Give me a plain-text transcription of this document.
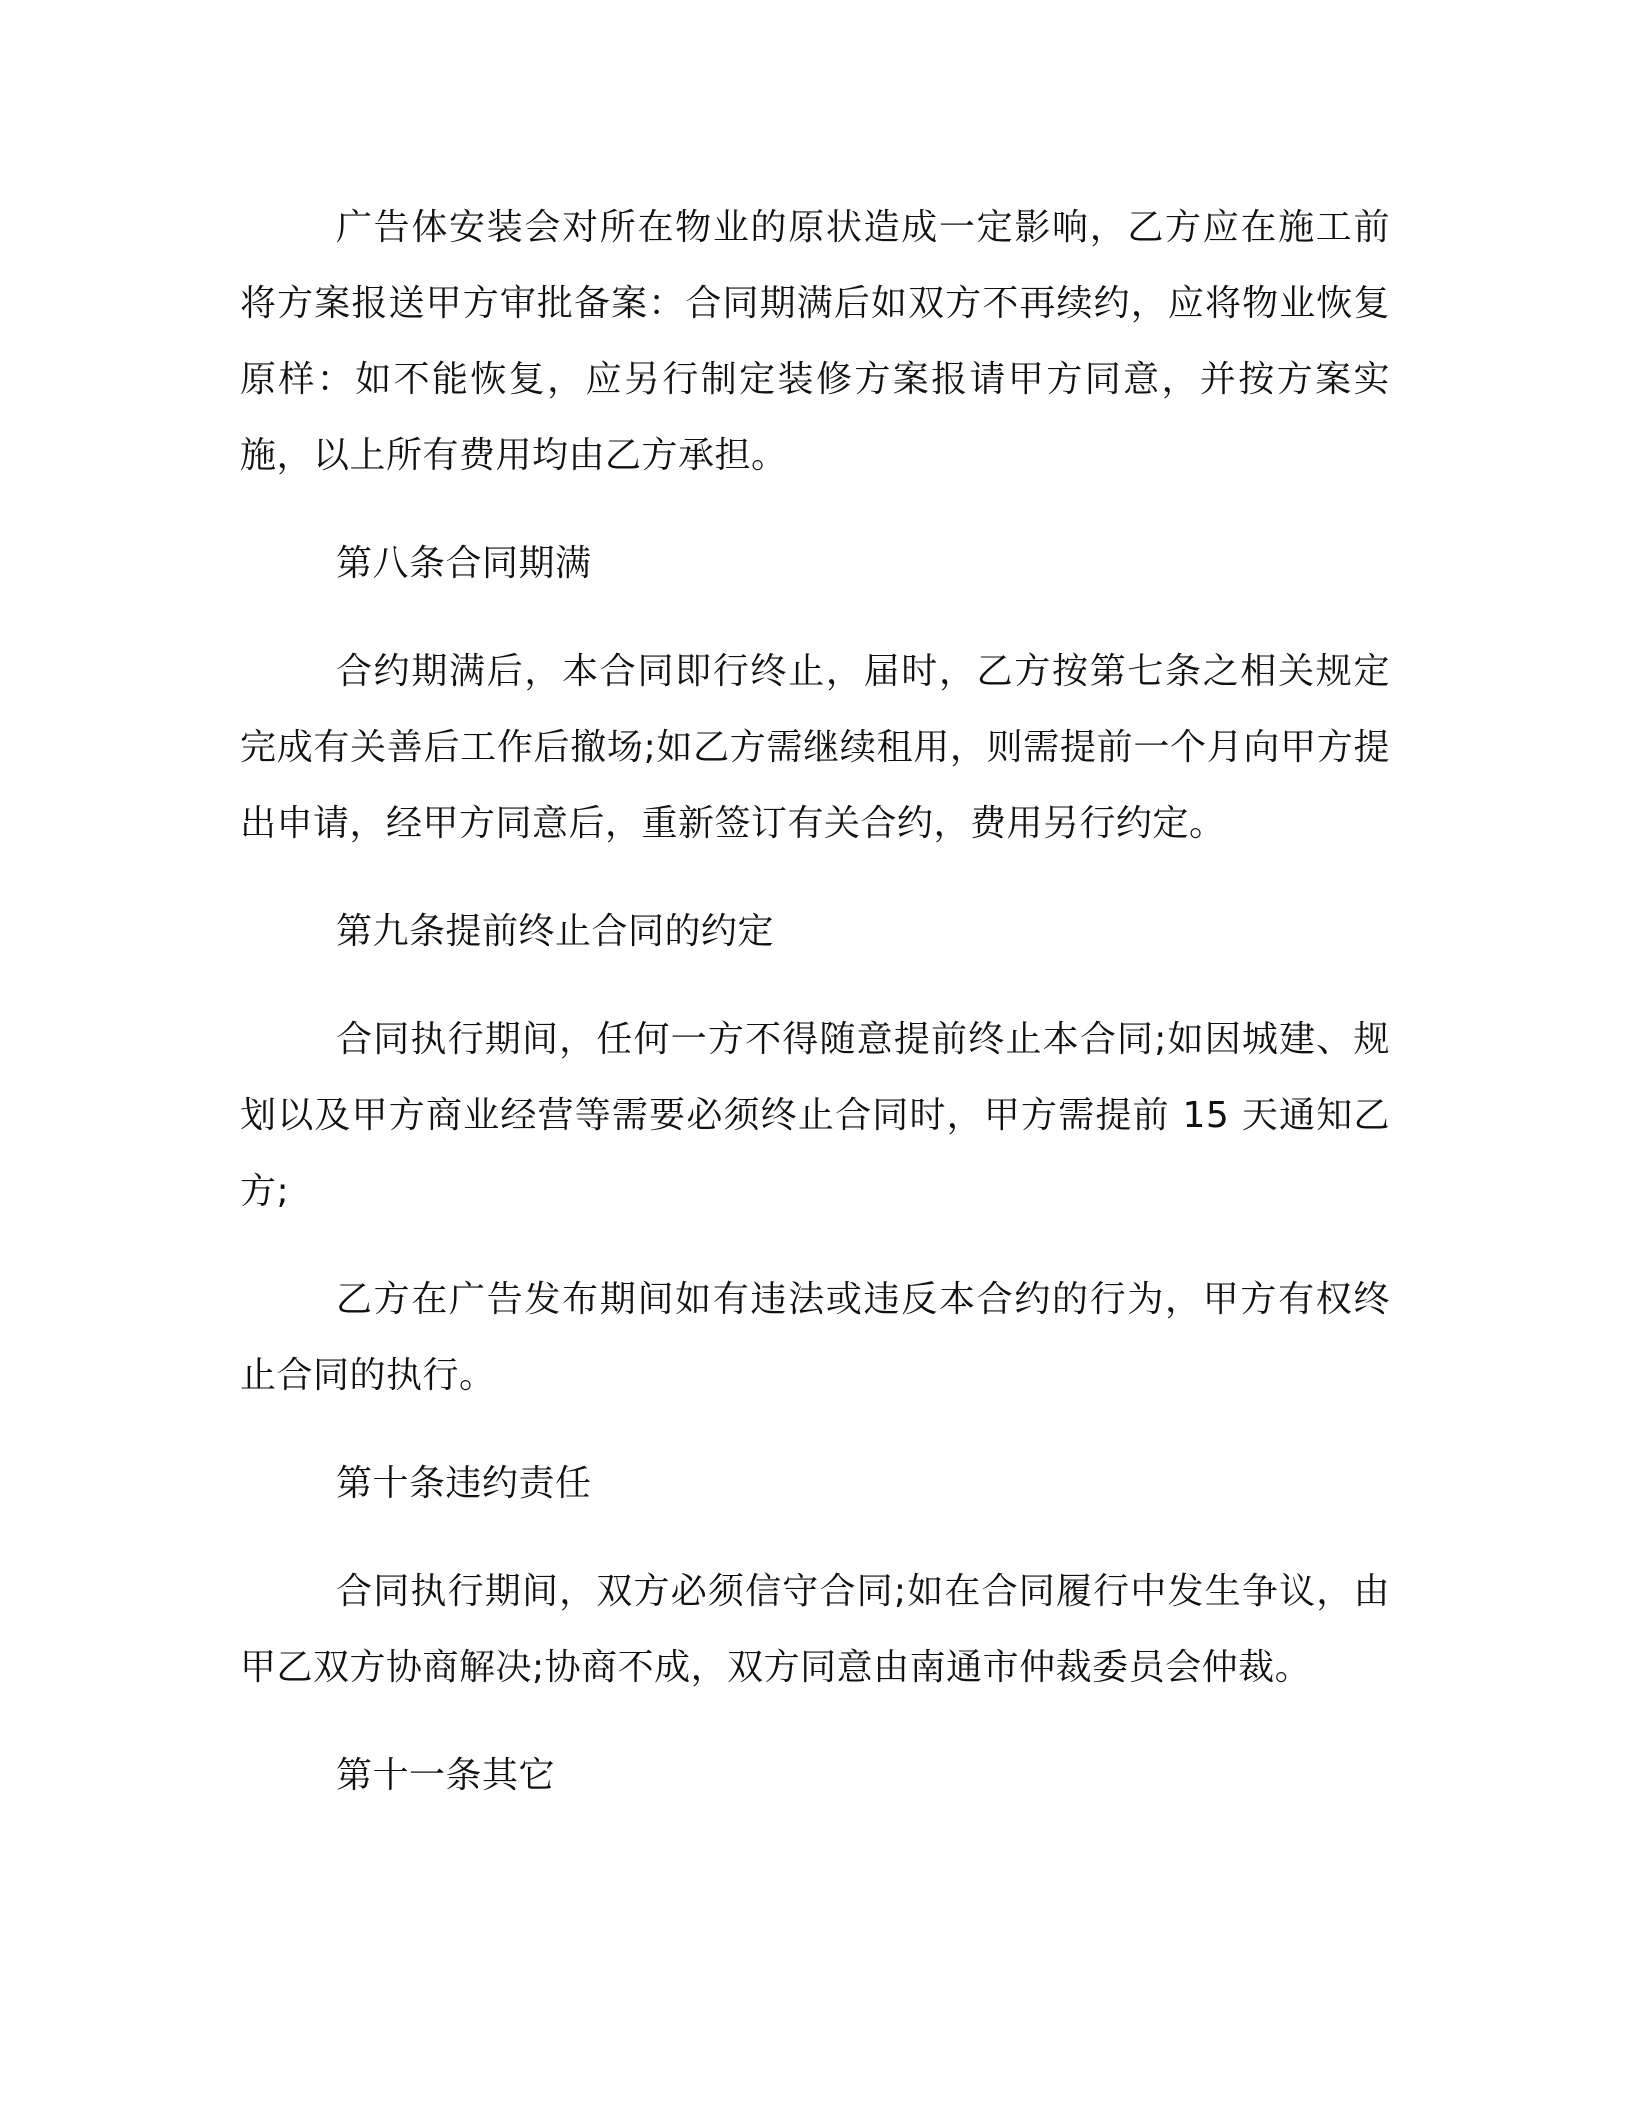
广告体安装会对所在物业的原状造成一定影响，乙方应在施工前将方案报送甲方审批备案：合同期满后如双方不再续约，应将物业恢复原样：如不能恢复，应另行制定装修方案报请甲方同意，并按方案实施，以上所有费用均由乙方承担。

第八条合同期满

合约期满后，本合同即行终止，届时，乙方按第七条之相关规定完成有关善后工作后撤场;如乙方需继续租用，则需提前一个月向甲方提出申请，经甲方同意后，重新签订有关合约，费用另行约定。

第九条提前终止合同的约定

合同执行期间，任何一方不得随意提前终止本合同;如因城建、规划以及甲方商业经营等需要必须终止合同时，甲方需提前 15 天通知乙方;

乙方在广告发布期间如有违法或违反本合约的行为，甲方有权终止合同的执行。

第十条违约责任

合同执行期间，双方必须信守合同;如在合同履行中发生争议，由甲乙双方协商解决;协商不成，双方同意由南通市仲裁委员会仲裁。

第十一条其它
